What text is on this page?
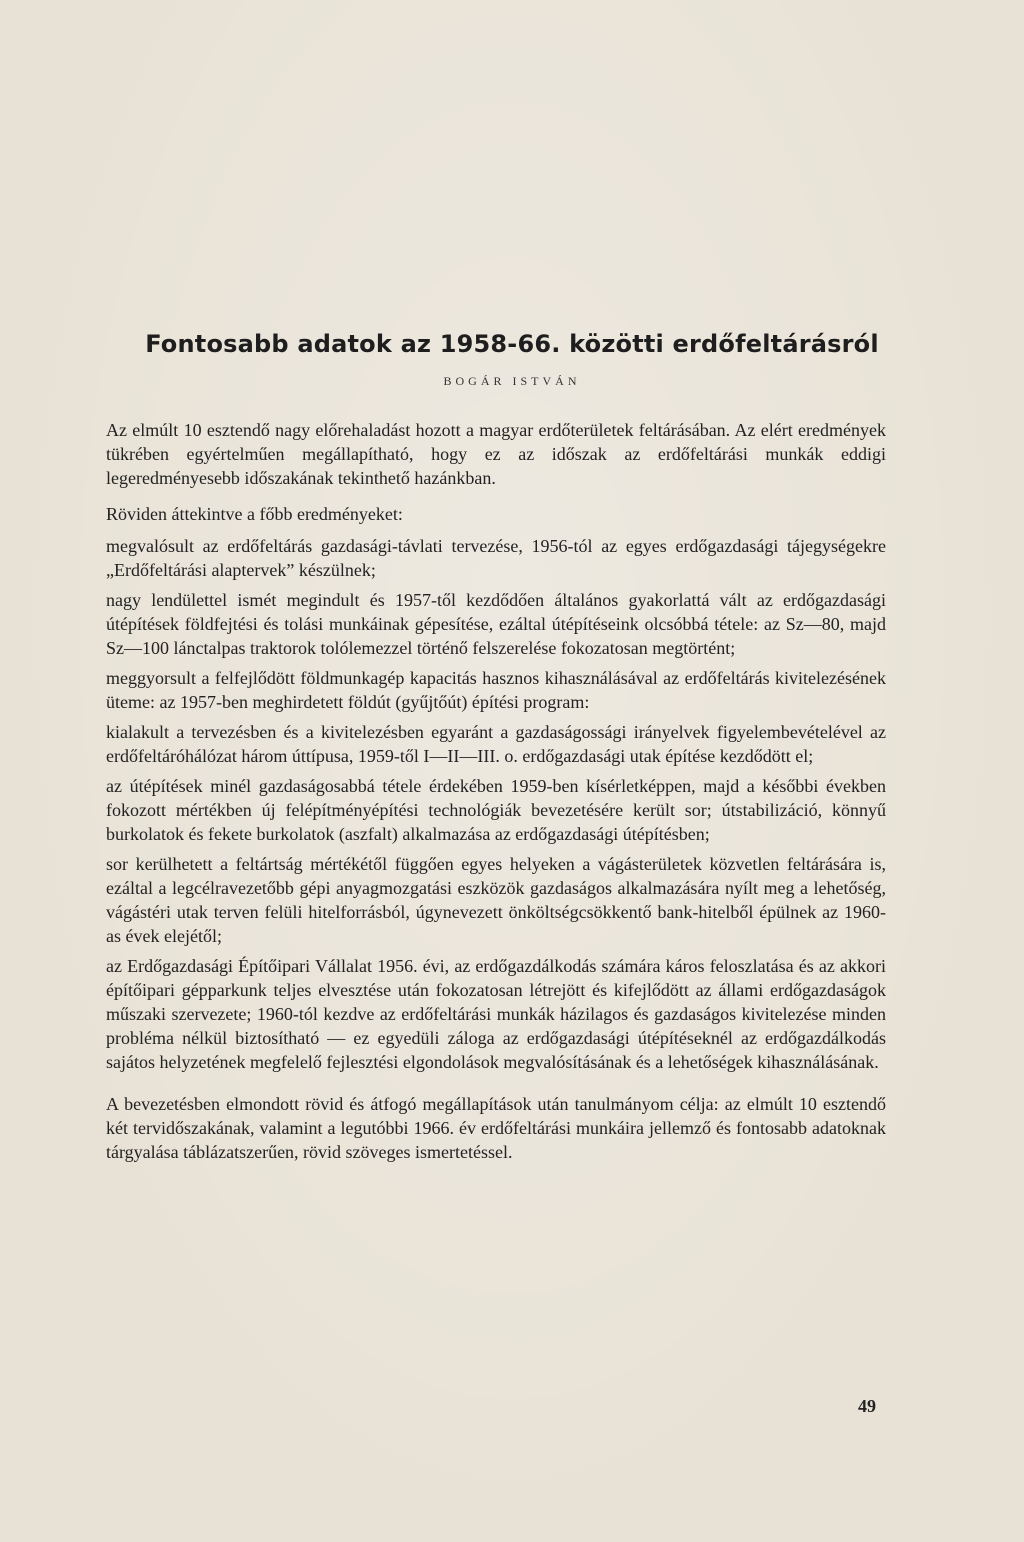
Fontosabb adatok az 1958-66. közötti erdőfeltárásról
BOGÁR ISTVÁN

Az elmúlt 10 esztendő nagy előrehaladást hozott a magyar erdőterületek feltárásában. Az elért eredmények tükrében egyértelműen megállapítható, hogy ez az időszak az erdőfeltárási munkák eddigi legeredményesebb időszakának tekinthető hazánkban.

Röviden áttekintve a főbb eredményeket:

megvalósult az erdőfeltárás gazdasági-távlati tervezése, 1956-tól az egyes erdőgazdasági tájegységekre „Erdőfeltárási alaptervek” készülnek;

nagy lendülettel ismét megindult és 1957-től kezdődően általános gyakorlattá vált az erdőgazdasági útépítések földfejtési és tolási munkáinak gépesítése, ezáltal útépítéseink olcsóbbá tétele: az Sz—80, majd Sz—100 lánctalpas traktorok tolólemezzel történő felszerelése fokozatosan megtörtént;

meggyorsult a felfejlődött földmunkagép kapacitás hasznos kihasználásával az erdőfeltárás kivitelezésének üteme: az 1957-ben meghirdetett földút (gyűjtőút) építési program:

kialakult a tervezésben és a kivitelezésben egyaránt a gazdaságossági irányelvek figyelembevételével az erdőfeltáróhálózat három úttípusa, 1959-től I—II—III. o. erdőgazdasági utak építése kezdődött el;

az útépítések minél gazdaságosabbá tétele érdekében 1959-ben kísérletképpen, majd a későbbi években fokozott mértékben új felépítményépítési technológiák bevezetésére került sor; útstabilizáció, könnyű burkolatok és fekete burkolatok (aszfalt) alkalmazása az erdőgazdasági útépítésben;

sor kerülhetett a feltártság mértékétől függően egyes helyeken a vágásterületek közvetlen feltárására is, ezáltal a legcélravezetőbb gépi anyagmozgatási eszközök gazdaságos alkalmazására nyílt meg a lehetőség, vágástéri utak terven felüli hitelforrásból, úgynevezett önköltségcsökkentő bank-hitelből épülnek az 1960-as évek elejétől;

az Erdőgazdasági Építőipari Vállalat 1956. évi, az erdőgazdálkodás számára káros feloszlatása és az akkori építőipari gépparkunk teljes elvesztése után fokozatosan létrejött és kifejlődött az állami erdőgazdaságok műszaki szervezete; 1960-tól kezdve az erdőfeltárási munkák házilagos és gazdaságos kivitelezése minden probléma nélkül biztosítható — ez egyedüli záloga az erdőgazdasági útépítéseknél az erdőgazdálkodás sajátos helyzetének megfelelő fejlesztési elgondolások megvalósításának és a lehetőségek kihasználásának.

A bevezetésben elmondott rövid és átfogó megállapítások után tanulmányom célja: az elmúlt 10 esztendő két tervidőszakának, valamint a legutóbbi 1966. év erdőfeltárási munkáira jellemző és fontosabb adatoknak tárgyalása táblázatszerűen, rövid szöveges ismertetéssel.

49
